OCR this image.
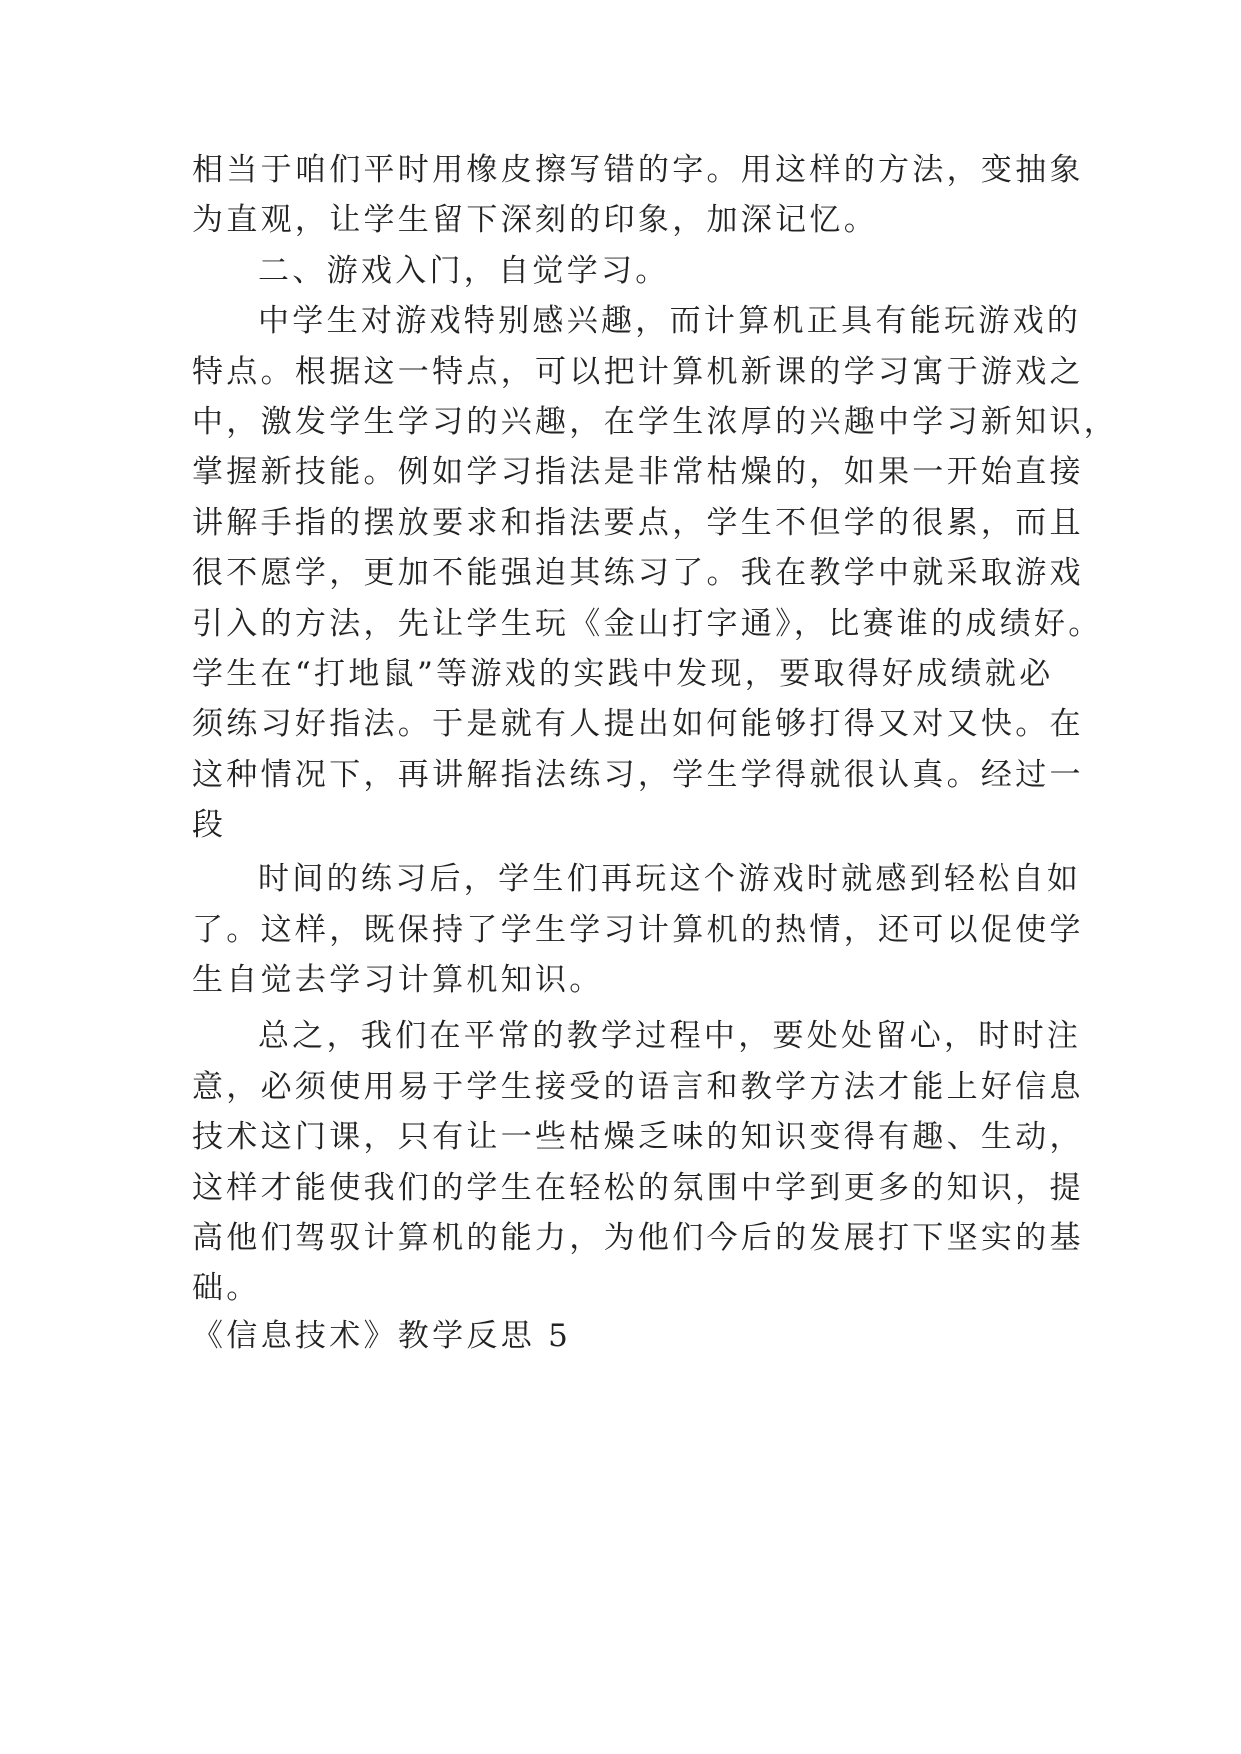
相当于咱们平时用橡皮擦写错的字。用这样的方法，变抽象
为直观，让学生留下深刻的印象，加深记忆。
二、游戏入门，自觉学习。
中学生对游戏特别感兴趣，而计算机正具有能玩游戏的
特点。根据这一特点，可以把计算机新课的学习寓于游戏之
中，激发学生学习的兴趣，在学生浓厚的兴趣中学习新知识，
掌握新技能。例如学习指法是非常枯燥的，如果一开始直接
讲解手指的摆放要求和指法要点，学生不但学的很累，而且
很不愿学，更加不能强迫其练习了。我在教学中就采取游戏
引入的方法，先让学生玩《金山打字通》，比赛谁的成绩好。
学生在“打地鼠”等游戏的实践中发现，要取得好成绩就必
须练习好指法。于是就有人提出如何能够打得又对又快。在
这种情况下，再讲解指法练习，学生学得就很认真。经过一
段
时间的练习后，学生们再玩这个游戏时就感到轻松自如
了。这样，既保持了学生学习计算机的热情，还可以促使学
生自觉去学习计算机知识。
总之，我们在平常的教学过程中，要处处留心，时时注
意，必须使用易于学生接受的语言和教学方法才能上好信息
技术这门课，只有让一些枯燥乏味的知识变得有趣、生动，
这样才能使我们的学生在轻松的氛围中学到更多的知识，提
高他们驾驭计算机的能力，为他们今后的发展打下坚实的基
础。
《信息技术》教学反思 5
